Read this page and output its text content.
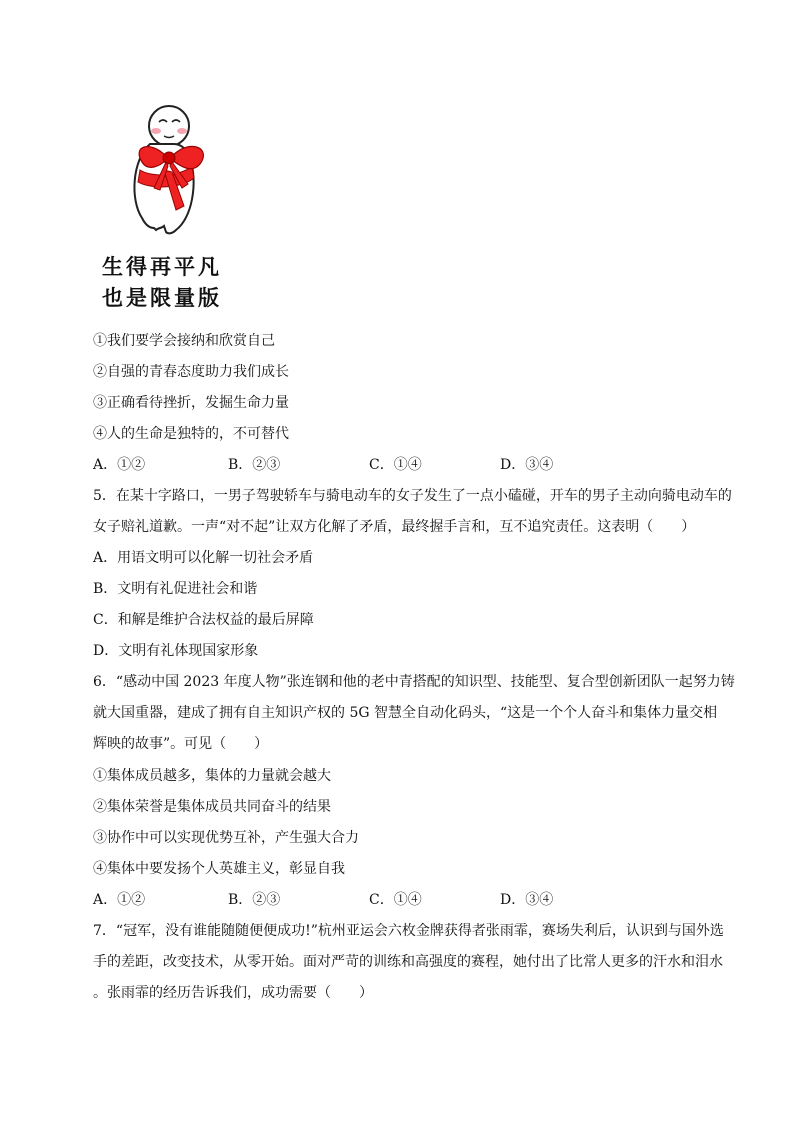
生得再平凡
也是限量版
①我们要学会接纳和欣赏自己
②自强的青春态度助力我们成长
③正确看待挫折，发掘生命力量
④人的生命是独特的，不可替代
A．①②	B．②③	C．①④	D．③④
5．在某十字路口，一男子驾驶轿车与骑电动车的女子发生了一点小磕碰，开车的男子主动向骑电动车的
女子赔礼道歉。一声“对不起”让双方化解了矛盾，最终握手言和，互不追究责任。这表明（　　）
A．用语文明可以化解一切社会矛盾
B．文明有礼促进社会和谐
C．和解是维护合法权益的最后屏障
D．文明有礼体现国家形象
6．“感动中国 2023 年度人物”张连钢和他的老中青搭配的知识型、技能型、复合型创新团队一起努力铸
就大国重器，建成了拥有自主知识产权的 5G 智慧全自动化码头，“这是一个个人奋斗和集体力量交相
辉映的故事”。可见（　　）
①集体成员越多，集体的力量就会越大
②集体荣誉是集体成员共同奋斗的结果
③协作中可以实现优势互补，产生强大合力
④集体中要发扬个人英雄主义，彰显自我
A．①②	B．②③	C．①④	D．③④
7．“冠军，没有谁能随随便便成功!”杭州亚运会六枚金牌获得者张雨霏，赛场失利后，认识到与国外选
手的差距，改变技术，从零开始。面对严苛的训练和高强度的赛程，她付出了比常人更多的汗水和泪水
。张雨霏的经历告诉我们，成功需要（　　）
